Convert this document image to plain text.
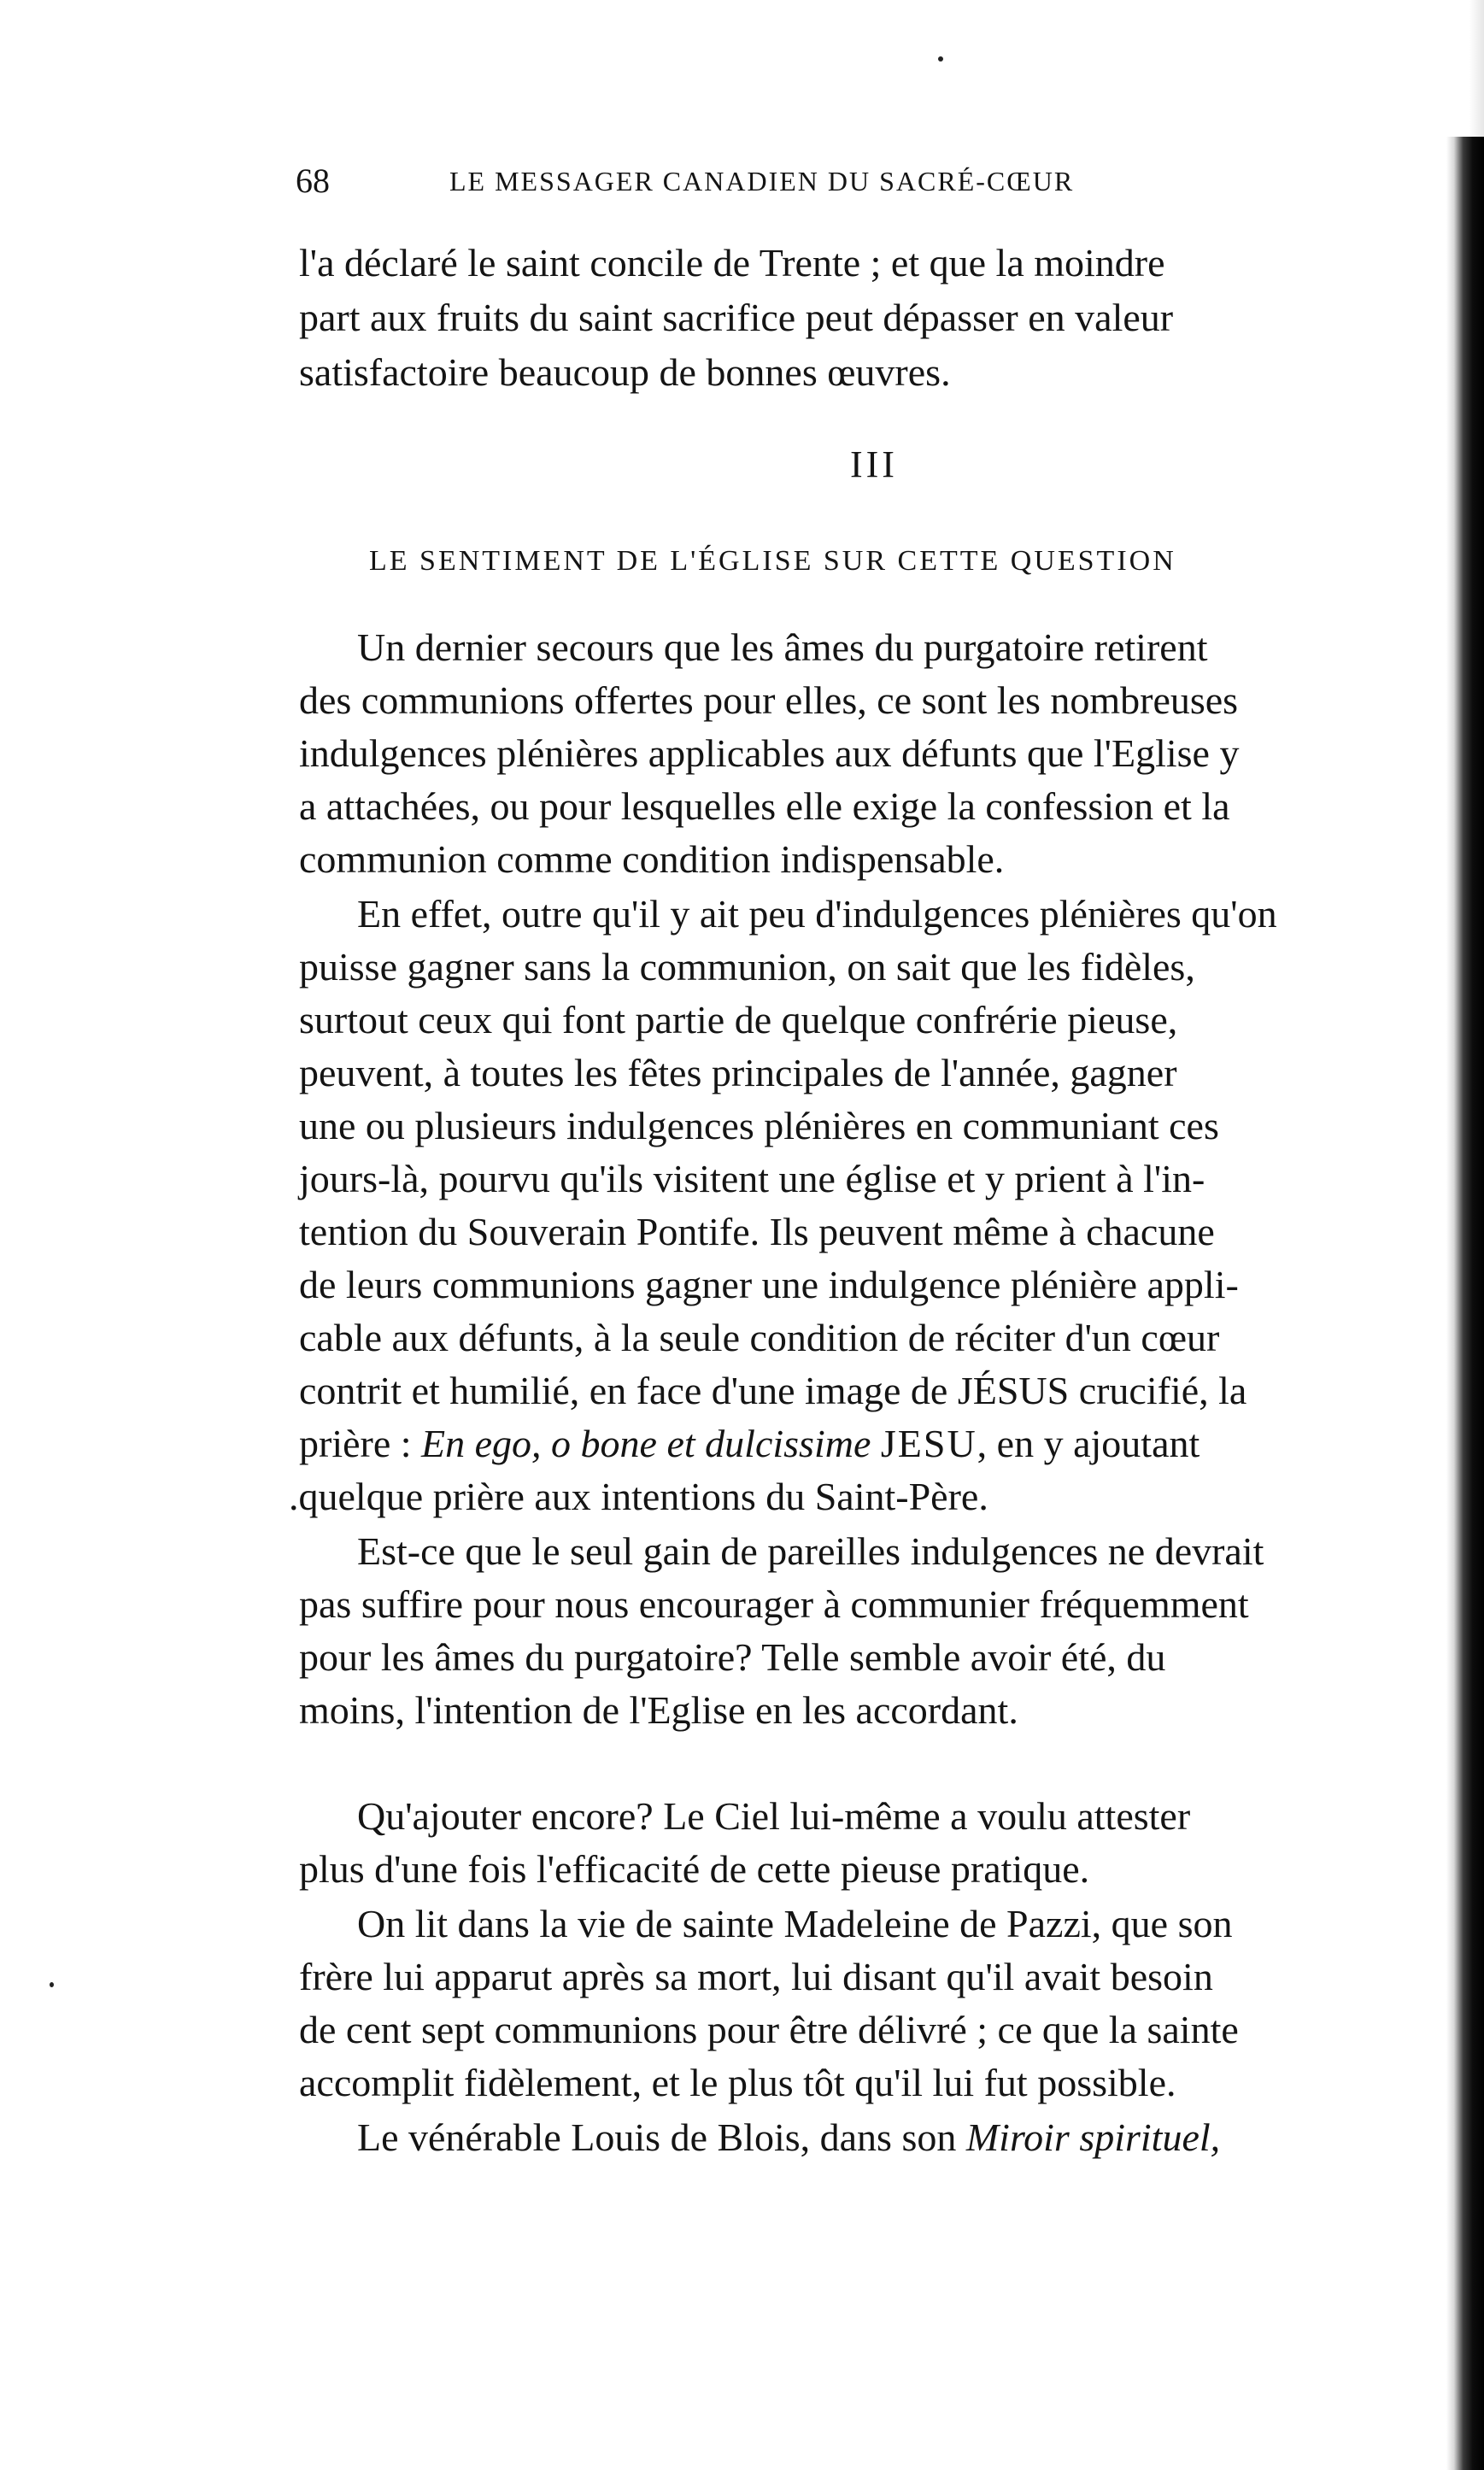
68	LE MESSAGER CANADIEN DU SACRÉ-CŒUR
l'a déclaré le saint concile de Trente ; et que la moindre
part aux fruits du saint sacrifice peut dépasser en valeur
satisfactoire beaucoup de bonnes œuvres.
III
LE SENTIMENT DE L'ÉGLISE SUR CETTE QUESTION
Un dernier secours que les âmes du purgatoire retirent
des communions offertes pour elles, ce sont les nombreuses
indulgences plénières applicables aux défunts que l'Eglise y
a attachées, ou pour lesquelles elle exige la confession et la
communion comme condition indispensable.
En effet, outre qu'il y ait peu d'indulgences plénières qu'on
puisse gagner sans la communion, on sait que les fidèles,
surtout ceux qui font partie de quelque confrérie pieuse,
peuvent, à toutes les fêtes principales de l'année, gagner
une ou plusieurs indulgences plénières en communiant ces
jours-là, pourvu qu'ils visitent une église et y prient à l'in-
tention du Souverain Pontife. Ils peuvent même à chacune
de leurs communions gagner une indulgence plénière appli-
cable aux défunts, à la seule condition de réciter d'un cœur
contrit et humilié, en face d'une image de JÉSUS crucifié, la
prière : En ego, o bone et dulcissime JESU, en y ajoutant
.quelque prière aux intentions du Saint-Père.
Est-ce que le seul gain de pareilles indulgences ne devrait
pas suffire pour nous encourager à communier fréquemment
pour les âmes du purgatoire? Telle semble avoir été, du
moins, l'intention de l'Eglise en les accordant.
Qu'ajouter encore? Le Ciel lui-même a voulu attester
plus d'une fois l'efficacité de cette pieuse pratique.
On lit dans la vie de sainte Madeleine de Pazzi, que son
frère lui apparut après sa mort, lui disant qu'il avait besoin
de cent sept communions pour être délivré ; ce que la sainte
accomplit fidèlement, et le plus tôt qu'il lui fut possible.
Le vénérable Louis de Blois, dans son Miroir spirituel,
